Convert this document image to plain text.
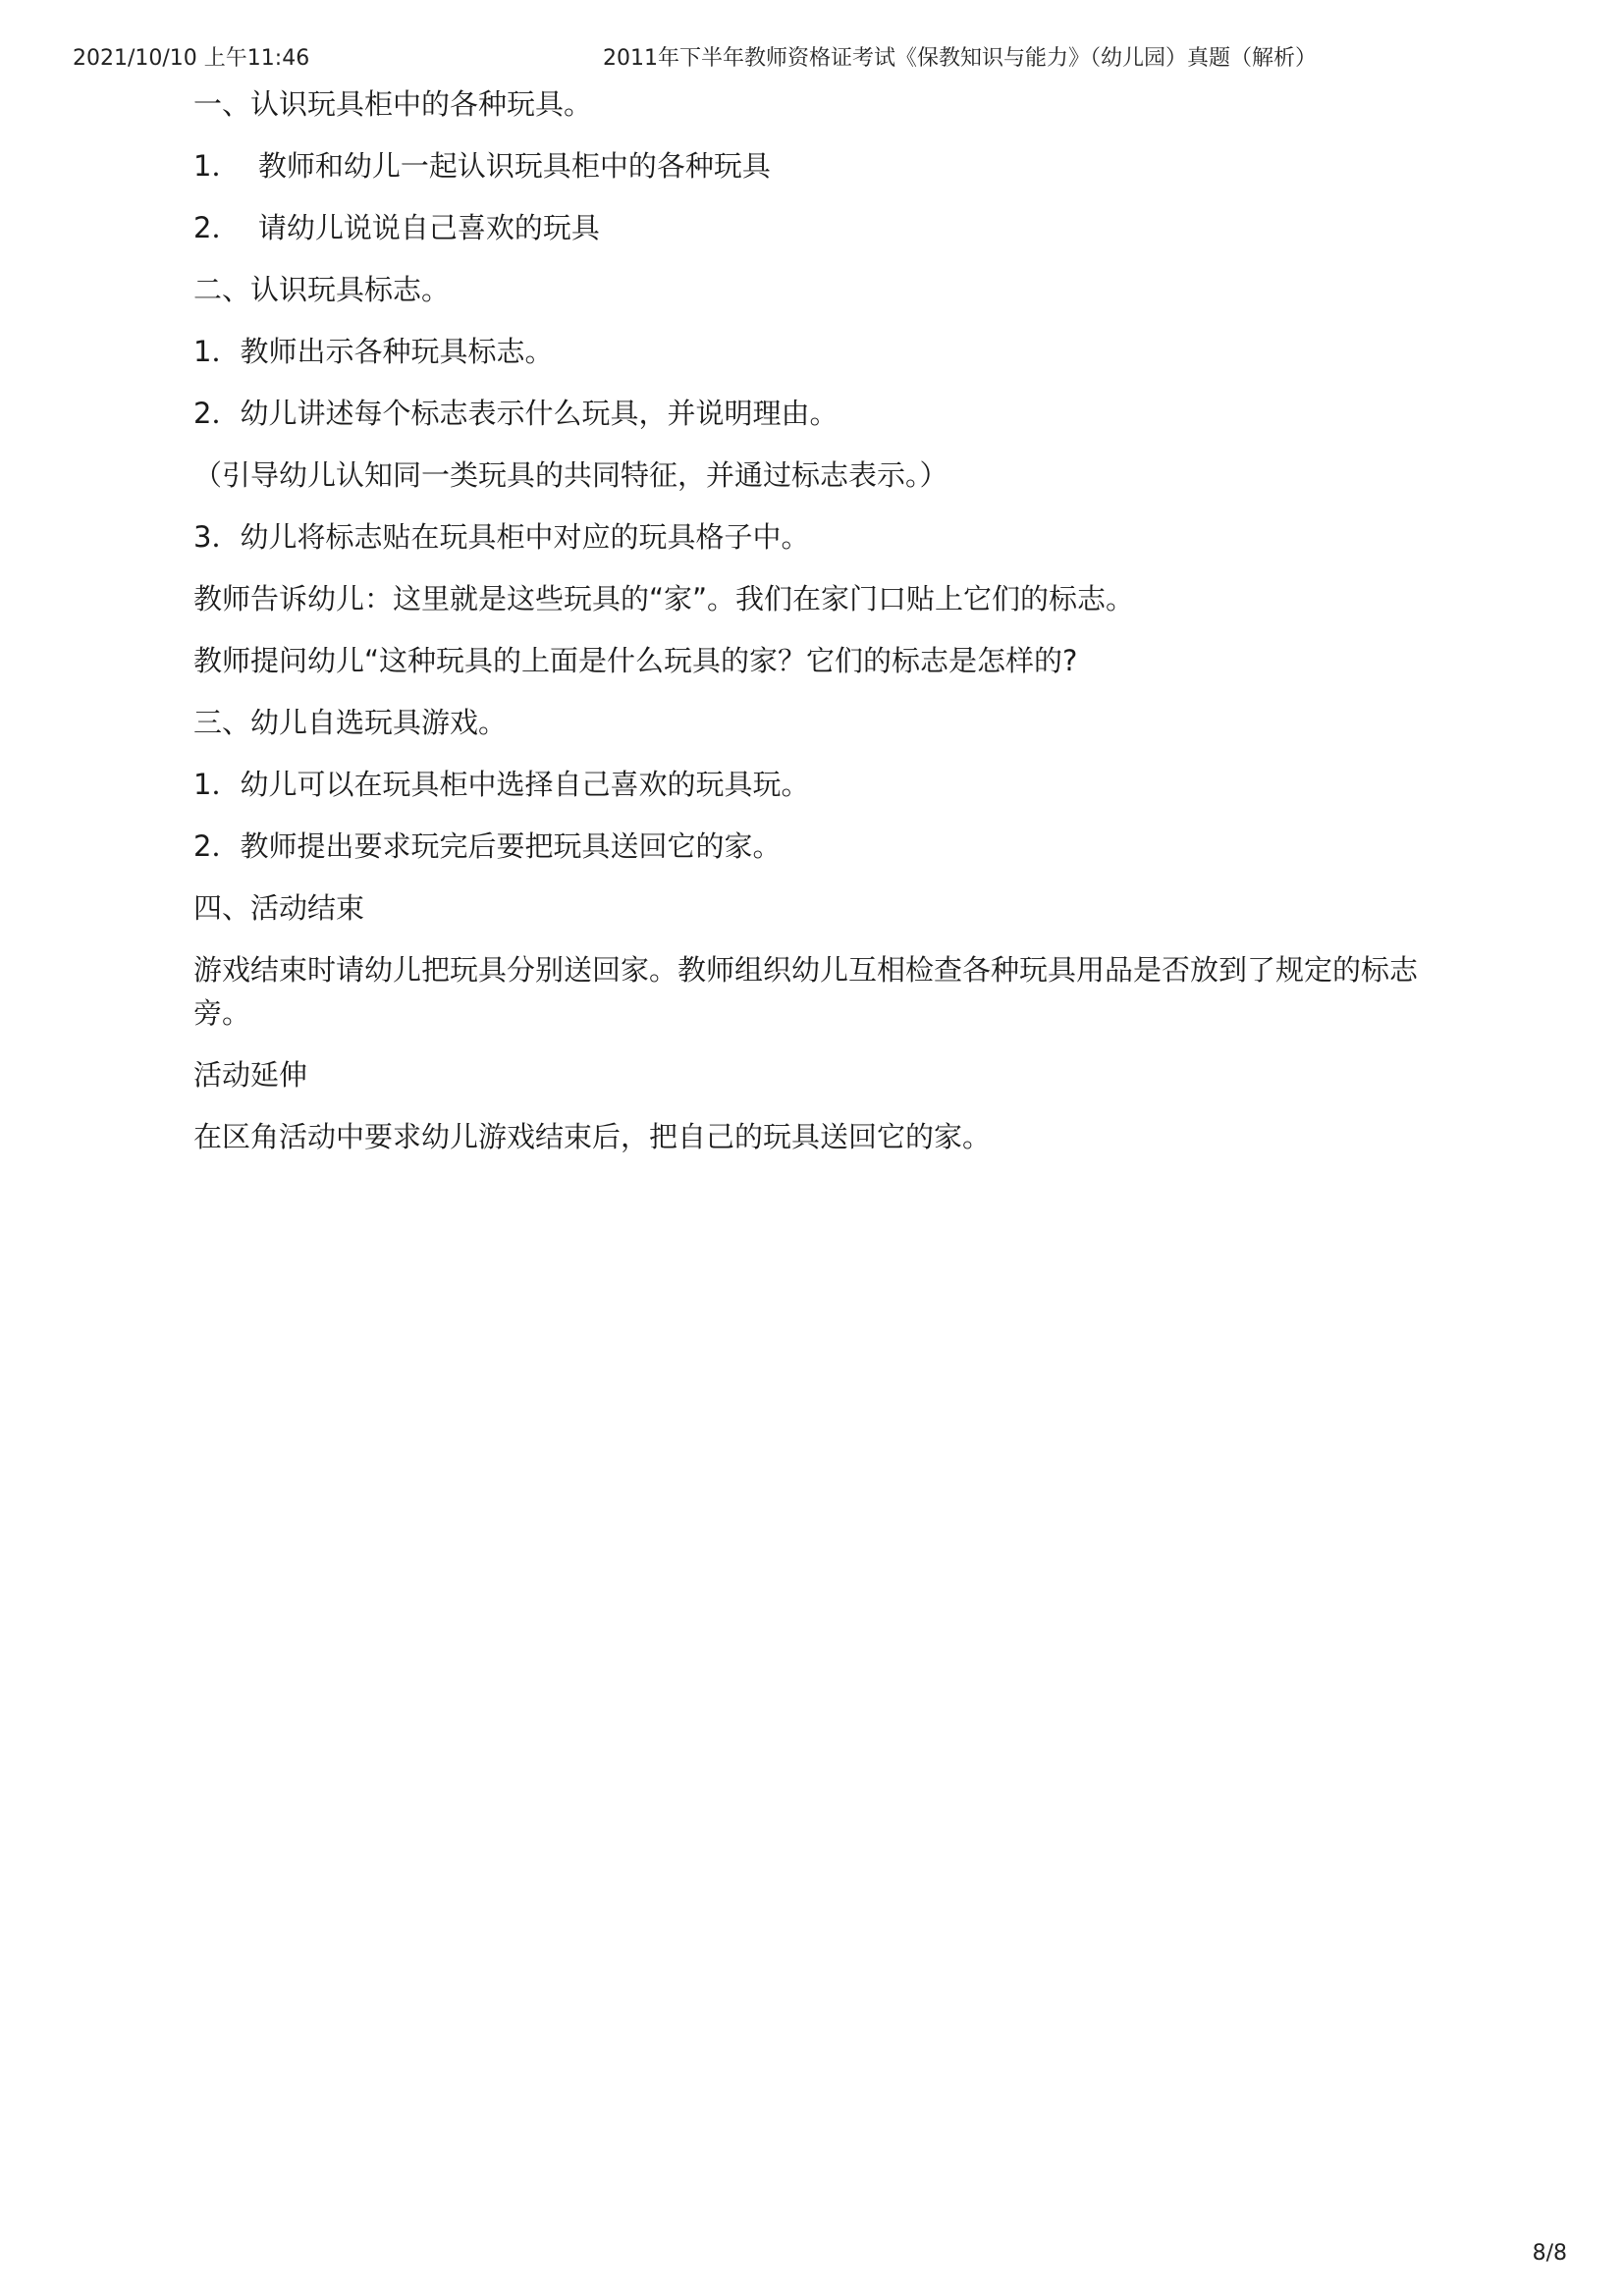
2021/10/10 上午11:46	2011年下半年教师资格证考试《保教知识与能力》（幼儿园）真题（解析）

一、认识玩具柜中的各种玩具。

1．  教师和幼儿一起认识玩具柜中的各种玩具

2．  请幼儿说说自己喜欢的玩具

二、认识玩具标志。

1．教师出示各种玩具标志。

2．幼儿讲述每个标志表示什么玩具，并说明理由。

（引导幼儿认知同一类玩具的共同特征，并通过标志表示。）

3．幼儿将标志贴在玩具柜中对应的玩具格子中。

教师告诉幼儿：这里就是这些玩具的“家”。我们在家门口贴上它们的标志。

教师提问幼儿“这种玩具的上面是什么玩具的家？它们的标志是怎样的?

三、幼儿自选玩具游戏。

1．幼儿可以在玩具柜中选择自己喜欢的玩具玩。

2．教师提出要求玩完后要把玩具送回它的家。

四、活动结束

游戏结束时请幼儿把玩具分别送回家。教师组织幼儿互相检查各种玩具用品是否放到了规定的标志旁。

活动延伸

在区角活动中要求幼儿游戏结束后，把自己的玩具送回它的家。

8/8
